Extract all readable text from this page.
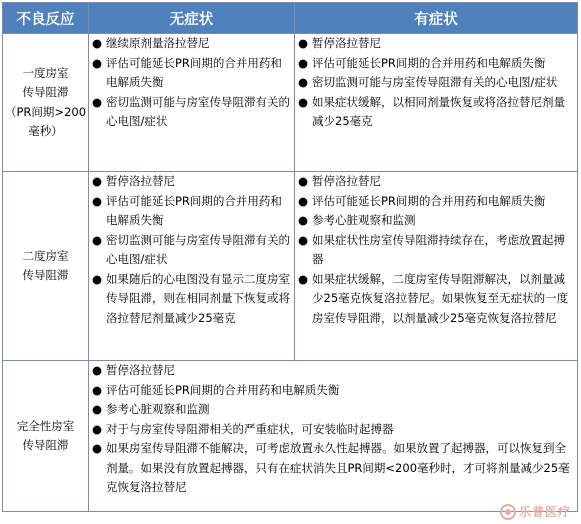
不良反应	无症状	有症状

一度房室
传导阻滞
（PR间期>200
毫秒）	● 继续原剂量洛拉替尼
● 评估可能延长PR间期的合并用药和电解质失衡
● 密切监测可能与房室传导阻滞有关的心电图/症状	● 暂停洛拉替尼
● 评估可能延长PR间期的合并用药和电解质失衡
● 密切监测可能与房室传导阻滞有关的心电图/症状
● 如果症状缓解，以相同剂量恢复或将洛拉替尼剂量减少25毫克

二度房室
传导阻滞	● 暂停洛拉替尼
● 评估可能延长PR间期的合并用药和电解质失衡
● 密切监测可能与房室传导阻滞有关的心电图/症状
● 如果随后的心电图没有显示二度房室传导阻滞，则在相同剂量下恢复或将洛拉替尼剂量减少25毫克	● 暂停洛拉替尼
● 评估可能延长PR间期的合并用药和电解质失衡
● 参考心脏观察和监测
● 如果症状性房室传导阻滞持续存在，考虑放置起搏器
● 如果症状缓解，二度房室传导阻滞解决，以剂量减少25毫克恢复洛拉替尼。如果恢复至无症状的一度房室传导阻滞，以剂量减少25毫克恢复洛拉替尼

完全性房室
传导阻滞	● 暂停洛拉替尼
● 评估可能延长PR间期的合并用药和电解质失衡
● 参考心脏观察和监测
● 对于与房室传导阻滞相关的严重症状，可安装临时起搏器
● 如果房室传导阻滞不能解决，可考虑放置永久性起搏器。如果放置了起搏器，可以恢复到全剂量。如果没有放置起搏器，只有在症状消失且PR间期<200毫秒时，才可将剂量减少25毫克恢复洛拉替尼	
乐普医疗
